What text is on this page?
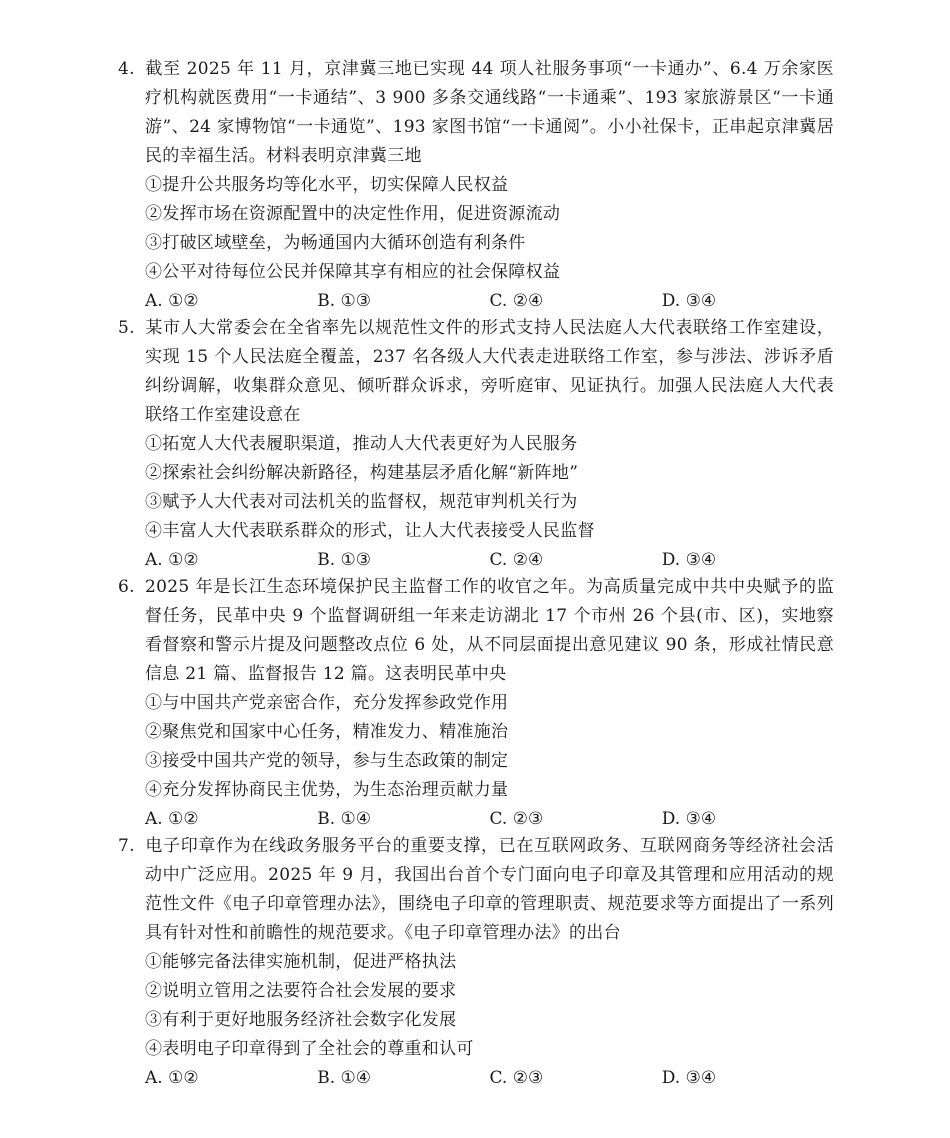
4. 截至 2025 年 11 月，京津冀三地已实现 44 项人社服务事项“一卡通办”、6.4 万余家医疗机构就医费用“一卡通结”、3 900 多条交通线路“一卡通乘”、193 家旅游景区“一卡通游”、24 家博物馆“一卡通览”、193 家图书馆“一卡通阅”。小小社保卡，正串起京津冀居民的幸福生活。材料表明京津冀三地

①提升公共服务均等化水平，切实保障人民权益

②发挥市场在资源配置中的决定性作用，促进资源流动

③打破区域壁垒，为畅通国内大循环创造有利条件

④公平对待每位公民并保障其享有相应的社会保障权益

A. ①②	B. ①③	C. ②④	D. ③④

5. 某市人大常委会在全省率先以规范性文件的形式支持人民法庭人大代表联络工作室建设，实现 15 个人民法庭全覆盖，237 名各级人大代表走进联络工作室，参与涉法、涉诉矛盾纠纷调解，收集群众意见、倾听群众诉求，旁听庭审、见证执行。加强人民法庭人大代表联络工作室建设意在

①拓宽人大代表履职渠道，推动人大代表更好为人民服务

②探索社会纠纷解决新路径，构建基层矛盾化解“新阵地”

③赋予人大代表对司法机关的监督权，规范审判机关行为

④丰富人大代表联系群众的形式，让人大代表接受人民监督

A. ①②	B. ①③	C. ②④	D. ③④

6. 2025 年是长江生态环境保护民主监督工作的收官之年。为高质量完成中共中央赋予的监督任务，民革中央 9 个监督调研组一年来走访湖北 17 个市州 26 个县(市、区)，实地察看督察和警示片提及问题整改点位 6 处，从不同层面提出意见建议 90 条，形成社情民意信息 21 篇、监督报告 12 篇。这表明民革中央

①与中国共产党亲密合作，充分发挥参政党作用

②聚焦党和国家中心任务，精准发力、精准施治

③接受中国共产党的领导，参与生态政策的制定

④充分发挥协商民主优势，为生态治理贡献力量

A. ①②	B. ①④	C. ②③	D. ③④

7. 电子印章作为在线政务服务平台的重要支撑，已在互联网政务、互联网商务等经济社会活动中广泛应用。2025 年 9 月，我国出台首个专门面向电子印章及其管理和应用活动的规范性文件《电子印章管理办法》，围绕电子印章的管理职责、规范要求等方面提出了一系列具有针对性和前瞻性的规范要求。《电子印章管理办法》的出台

①能够完备法律实施机制，促进严格执法

②说明立管用之法要符合社会发展的要求

③有利于更好地服务经济社会数字化发展

④表明电子印章得到了全社会的尊重和认可

A. ①②	B. ①④	C. ②③	D. ③④
